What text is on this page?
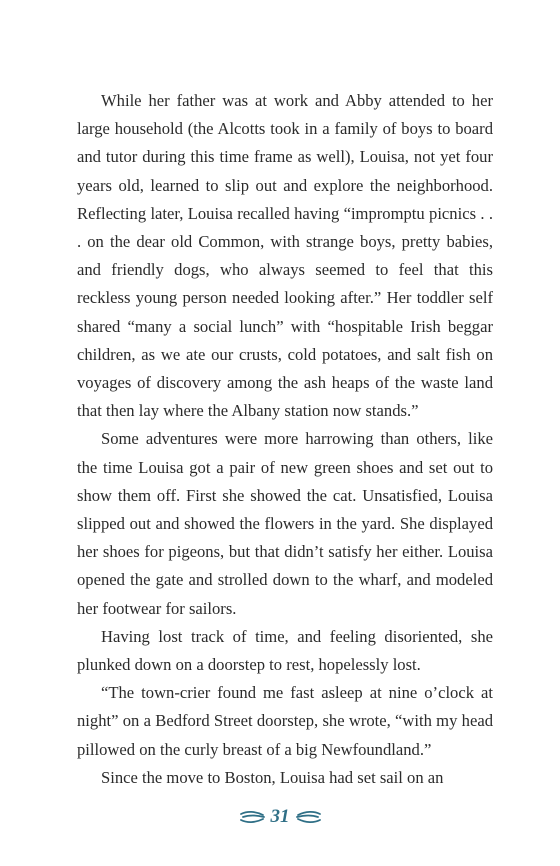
While her father was at work and Abby attended to her large household (the Alcotts took in a family of boys to board and tutor during this time frame as well), Louisa, not yet four years old, learned to slip out and explore the neighborhood. Reflecting later, Louisa recalled having “impromptu picnics . . . on the dear old Common, with strange boys, pretty babies, and friendly dogs, who always seemed to feel that this reckless young person needed looking after.” Her toddler self shared “many a social lunch” with “hospitable Irish beggar children, as we ate our crusts, cold potatoes, and salt fish on voyages of discovery among the ash heaps of the waste land that then lay where the Albany station now stands.”

Some adventures were more harrowing than others, like the time Louisa got a pair of new green shoes and set out to show them off. First she showed the cat. Unsatisfied, Louisa slipped out and showed the flowers in the yard. She displayed her shoes for pigeons, but that didn’t satisfy her either. Louisa opened the gate and strolled down to the wharf, and modeled her footwear for sailors.

Having lost track of time, and feeling disoriented, she plunked down on a doorstep to rest, hopelessly lost.

“The town-crier found me fast asleep at nine o’clock at night” on a Bedford Street doorstep, she wrote, “with my head pillowed on the curly breast of a big Newfoundland.”

Since the move to Boston, Louisa had set sail on an

31
